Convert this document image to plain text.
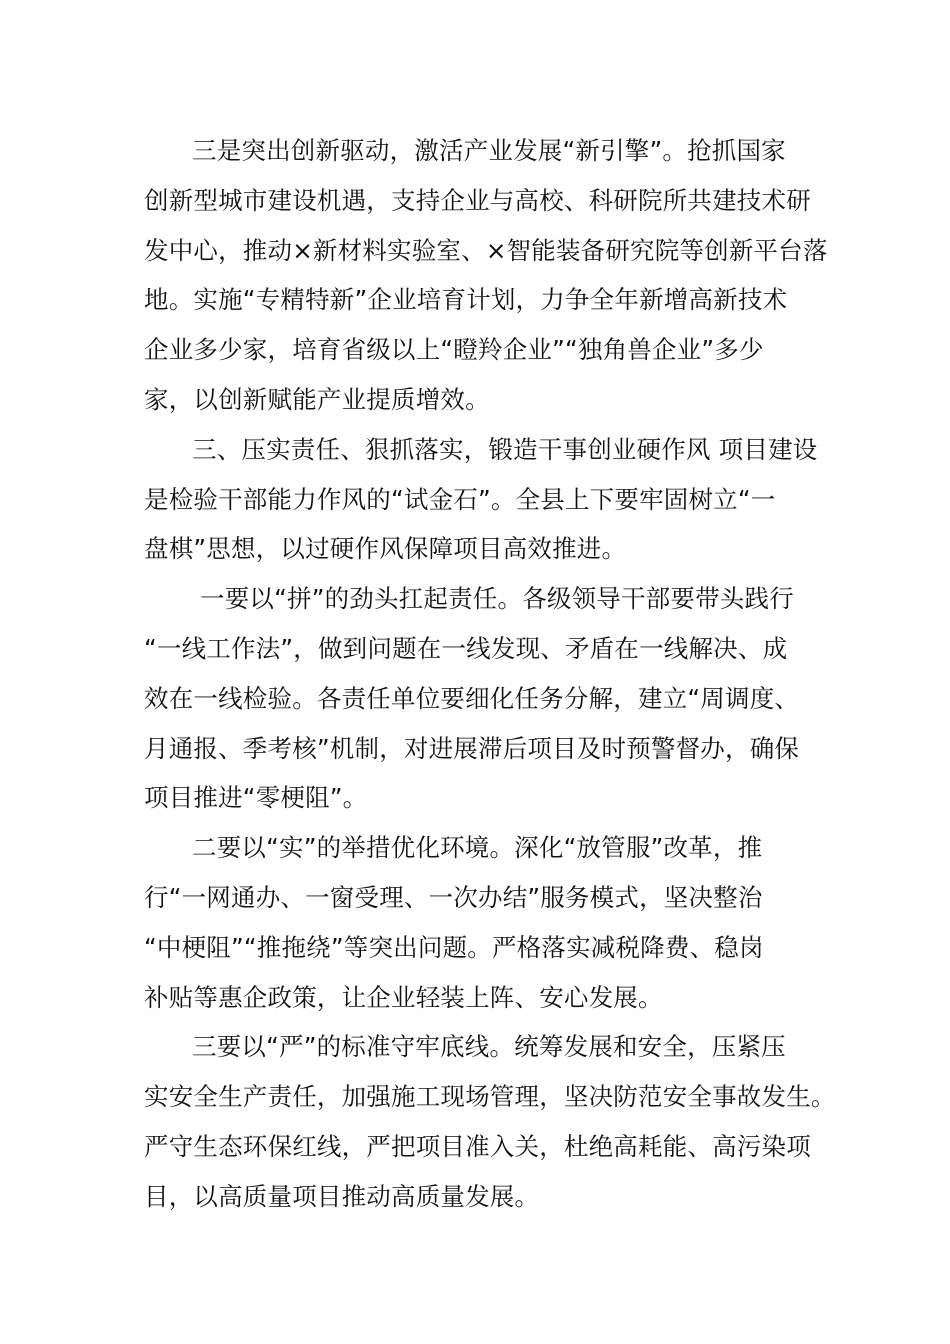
三是突出创新驱动，激活产业发展“新引擎”。抢抓国家
创新型城市建设机遇，支持企业与高校、科研院所共建技术研
发中心，推动×新材料实验室、×智能装备研究院等创新平台落
地。实施“专精特新”企业培育计划，力争全年新增高新技术
企业多少家，培育省级以上“瞪羚企业”“独角兽企业”多少
家，以创新赋能产业提质增效。
三、压实责任、狠抓落实，锻造干事创业硬作风 项目建设
是检验干部能力作风的“试金石”。全县上下要牢固树立“一
盘棋”思想，以过硬作风保障项目高效推进。
一要以“拼”的劲头扛起责任。各级领导干部要带头践行
“一线工作法”，做到问题在一线发现、矛盾在一线解决、成
效在一线检验。各责任单位要细化任务分解，建立“周调度、
月通报、季考核”机制，对进展滞后项目及时预警督办，确保
项目推进“零梗阻”。
二要以“实”的举措优化环境。深化“放管服”改革，推
行“一网通办、一窗受理、一次办结”服务模式，坚决整治
“中梗阻”“推拖绕”等突出问题。严格落实减税降费、稳岗
补贴等惠企政策，让企业轻装上阵、安心发展。
三要以“严”的标准守牢底线。统筹发展和安全，压紧压
实安全生产责任，加强施工现场管理，坚决防范安全事故发生。
严守生态环保红线，严把项目准入关，杜绝高耗能、高污染项
目，以高质量项目推动高质量发展。
